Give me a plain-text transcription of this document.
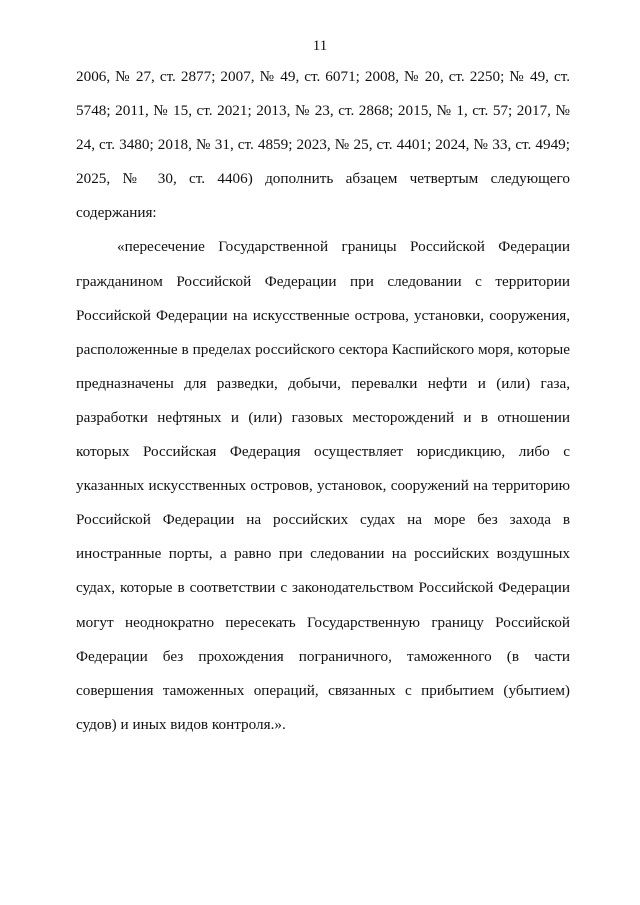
11

2006, № 27, ст. 2877; 2007, № 49, ст. 6071; 2008, № 20, ст. 2250; № 49, ст. 5748; 2011, № 15, ст. 2021; 2013, № 23, ст. 2868; 2015, № 1, ст. 57; 2017, № 24, ст. 3480; 2018, № 31, ст. 4859; 2023, № 25, ст. 4401; 2024, № 33, ст. 4949; 2025, № 30, ст. 4406) дополнить абзацем четвертым следующего содержания:

«пересечение Государственной границы Российской Федерации гражданином Российской Федерации при следовании с территории Российской Федерации на искусственные острова, установки, сооружения, расположенные в пределах российского сектора Каспийского моря, которые предназначены для разведки, добычи, перевалки нефти и (или) газа, разработки нефтяных и (или) газовых месторождений и в отношении которых Российская Федерация осуществляет юрисдикцию, либо с указанных искусственных островов, установок, сооружений на территорию Российской Федерации на российских судах на море без захода в иностранные порты, а равно при следовании на российских воздушных судах, которые в соответствии с законодательством Российской Федерации могут неоднократно пересекать Государственную границу Российской Федерации без прохождения пограничного, таможенного (в части совершения таможенных операций, связанных с прибытием (убытием) судов) и иных видов контроля.».
